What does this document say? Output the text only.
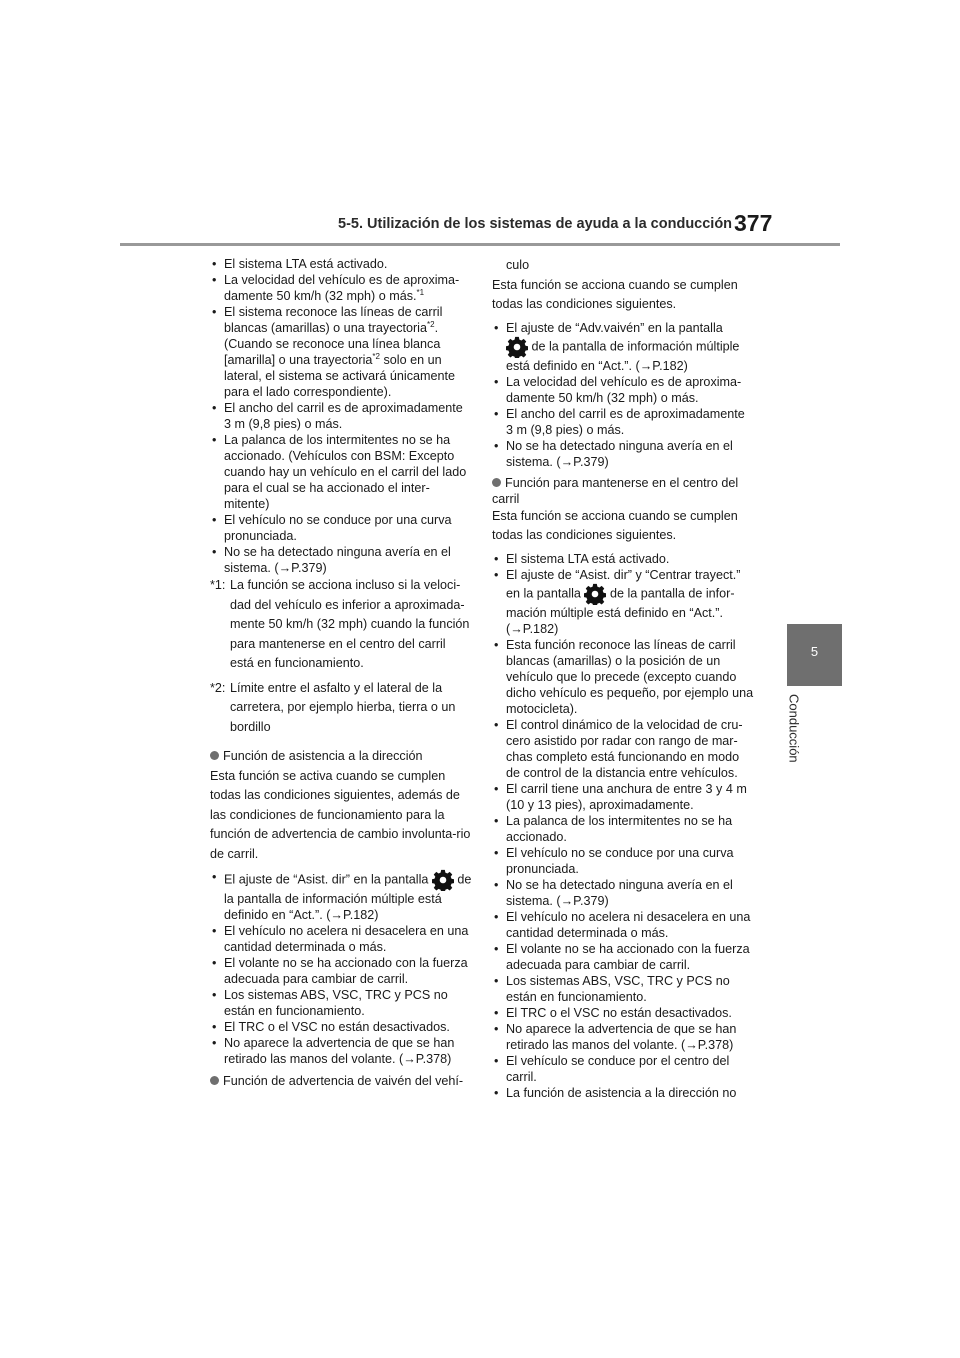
5-5. Utilización de los sistemas de ayuda a la conducción 377
5
Conducción
• El sistema LTA está activado.
• La velocidad del vehículo es de aproxima-damente 50 km/h (32 mph) o más.$^{*1}$
• El sistema reconoce las líneas de carril blancas (amarillas) o una trayectoria$^{*2}$. (Cuando se reconoce una línea blanca [amarilla] o una trayectoria$^{*2}$ solo en un lateral, el sistema se activará únicamente para el lado correspondiente).
• El ancho del carril es de aproximadamente 3 m (9,8 pies) o más.
• La palanca de los intermitentes no se ha accionado. (Vehículos con BSM: Excepto cuando hay un vehículo en el carril del lado para el cual se ha accionado el inter-mitente)
• El vehículo no se conduce por una curva pronunciada.
• No se ha detectado ninguna avería en el sistema. (→P.379)
*1: La función se acciona incluso si la veloci-dad del vehículo es inferior a aproximada-mente 50 km/h (32 mph) cuando la función para mantenerse en el centro del carril está en funcionamiento.
*2: Límite entre el asfalto y el lateral de la carretera, por ejemplo hierba, tierra o un bordillo
Función de asistencia a la dirección
Esta función se activa cuando se cumplen todas las condiciones siguientes, además de las condiciones de funcionamiento para la función de advertencia de cambio involunta-rio de carril.
• El ajuste de “Asist. dir” en la pantalla de la pantalla de información múltiple está definido en “Act.”. (→P.182)
• El vehículo no acelera ni desacelera en una cantidad determinada o más.
• El volante no se ha accionado con la fuerza adecuada para cambiar de carril.
• Los sistemas ABS, VSC, TRC y PCS no están en funcionamiento.
• El TRC o el VSC no están desactivados.
• No aparece la advertencia de que se han retirado las manos del volante. (→P.378)
Función de advertencia de vaivén del vehí-
culo
Esta función se acciona cuando se cumplen todas las condiciones siguientes.
• El ajuste de “Adv.vaivén” en la pantalla

de la pantalla de información múltiple está definido en “Act.”. (→P.182)
• La velocidad del vehículo es de aproxima-damente 50 km/h (32 mph) o más.
• El ancho del carril es de aproximadamente 3 m (9,8 pies) o más.
• No se ha detectado ninguna avería en el sistema. (→P.379)
Función para mantenerse en el centro del carril
Esta función se acciona cuando se cumplen todas las condiciones siguientes.
• El sistema LTA está activado.
• El ajuste de “Asist. dir” y “Centrar trayect.” en la pantalla de la pantalla de infor-mación múltiple está definido en “Act.”. (→P.182)
• Esta función reconoce las líneas de carril blancas (amarillas) o la posición de un vehículo que lo precede (excepto cuando dicho vehículo es pequeño, por ejemplo una motocicleta).
• El control dinámico de la velocidad de cru-cero asistido por radar con rango de mar-chas completo está funcionando en modo de control de la distancia entre vehículos.
• El carril tiene una anchura de entre 3 y 4 m (10 y 13 pies), aproximadamente.
• La palanca de los intermitentes no se ha accionado.
• El vehículo no se conduce por una curva pronunciada.
• No se ha detectado ninguna avería en el sistema. (→P.379)
• El vehículo no acelera ni desacelera en una cantidad determinada o más.
• El volante no se ha accionado con la fuerza adecuada para cambiar de carril.
• Los sistemas ABS, VSC, TRC y PCS no están en funcionamiento.
• El TRC o el VSC no están desactivados.
• No aparece la advertencia de que se han retirado las manos del volante. (→P.378)
• El vehículo se conduce por el centro del carril.
• La función de asistencia a la dirección no
